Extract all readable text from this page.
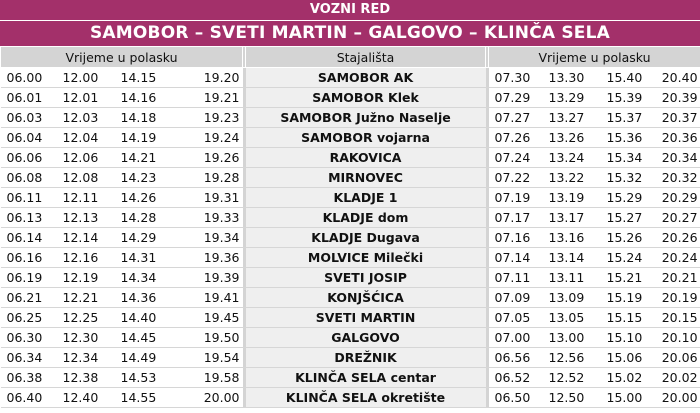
VOZNI RED
SAMOBOR – SVETI MARTIN – GALGOVO – KLINČA SELA
Vrijeme u polasku					Stajališta		Vrijeme u polasku			
06.00	12.00	14.15	19.20		SAMOBOR AK		07.30	13.30	15.40	20.40
06.01	12.01	14.16	19.21		SAMOBOR Klek		07.29	13.29	15.39	20.39
06.03	12.03	14.18	19.23		SAMOBOR Južno Naselje		07.27	13.27	15.37	20.37
06.04	12.04	14.19	19.24		SAMOBOR vojarna		07.26	13.26	15.36	20.36
06.06	12.06	14.21	19.26		RAKOVICA		07.24	13.24	15.34	20.34
06.08	12.08	14.23	19.28		MIRNOVEC		07.22	13.22	15.32	20.32
06.11	12.11	14.26	19.31		KLADJE 1		07.19	13.19	15.29	20.29
06.13	12.13	14.28	19.33		KLADJE dom		07.17	13.17	15.27	20.27
06.14	12.14	14.29	19.34		KLADJE Dugava		07.16	13.16	15.26	20.26
06.16	12.16	14.31	19.36		MOLVICE Milečki		07.14	13.14	15.24	20.24
06.19	12.19	14.34	19.39		SVETI JOSIP		07.11	13.11	15.21	20.21
06.21	12.21	14.36	19.41		KONJŠĆICA		07.09	13.09	15.19	20.19
06.25	12.25	14.40	19.45		SVETI MARTIN		07.05	13.05	15.15	20.15
06.30	12.30	14.45	19.50		GALGOVO		07.00	13.00	15.10	20.10
06.34	12.34	14.49	19.54		DREŽNIK		06.56	12.56	15.06	20.06
06.38	12.38	14.53	19.58		KLINČA SELA centar		06.52	12.52	15.02	20.02
06.40	12.40	14.55	20.00		KLINČA SELA okretište		06.50	12.50	15.00	20.00
